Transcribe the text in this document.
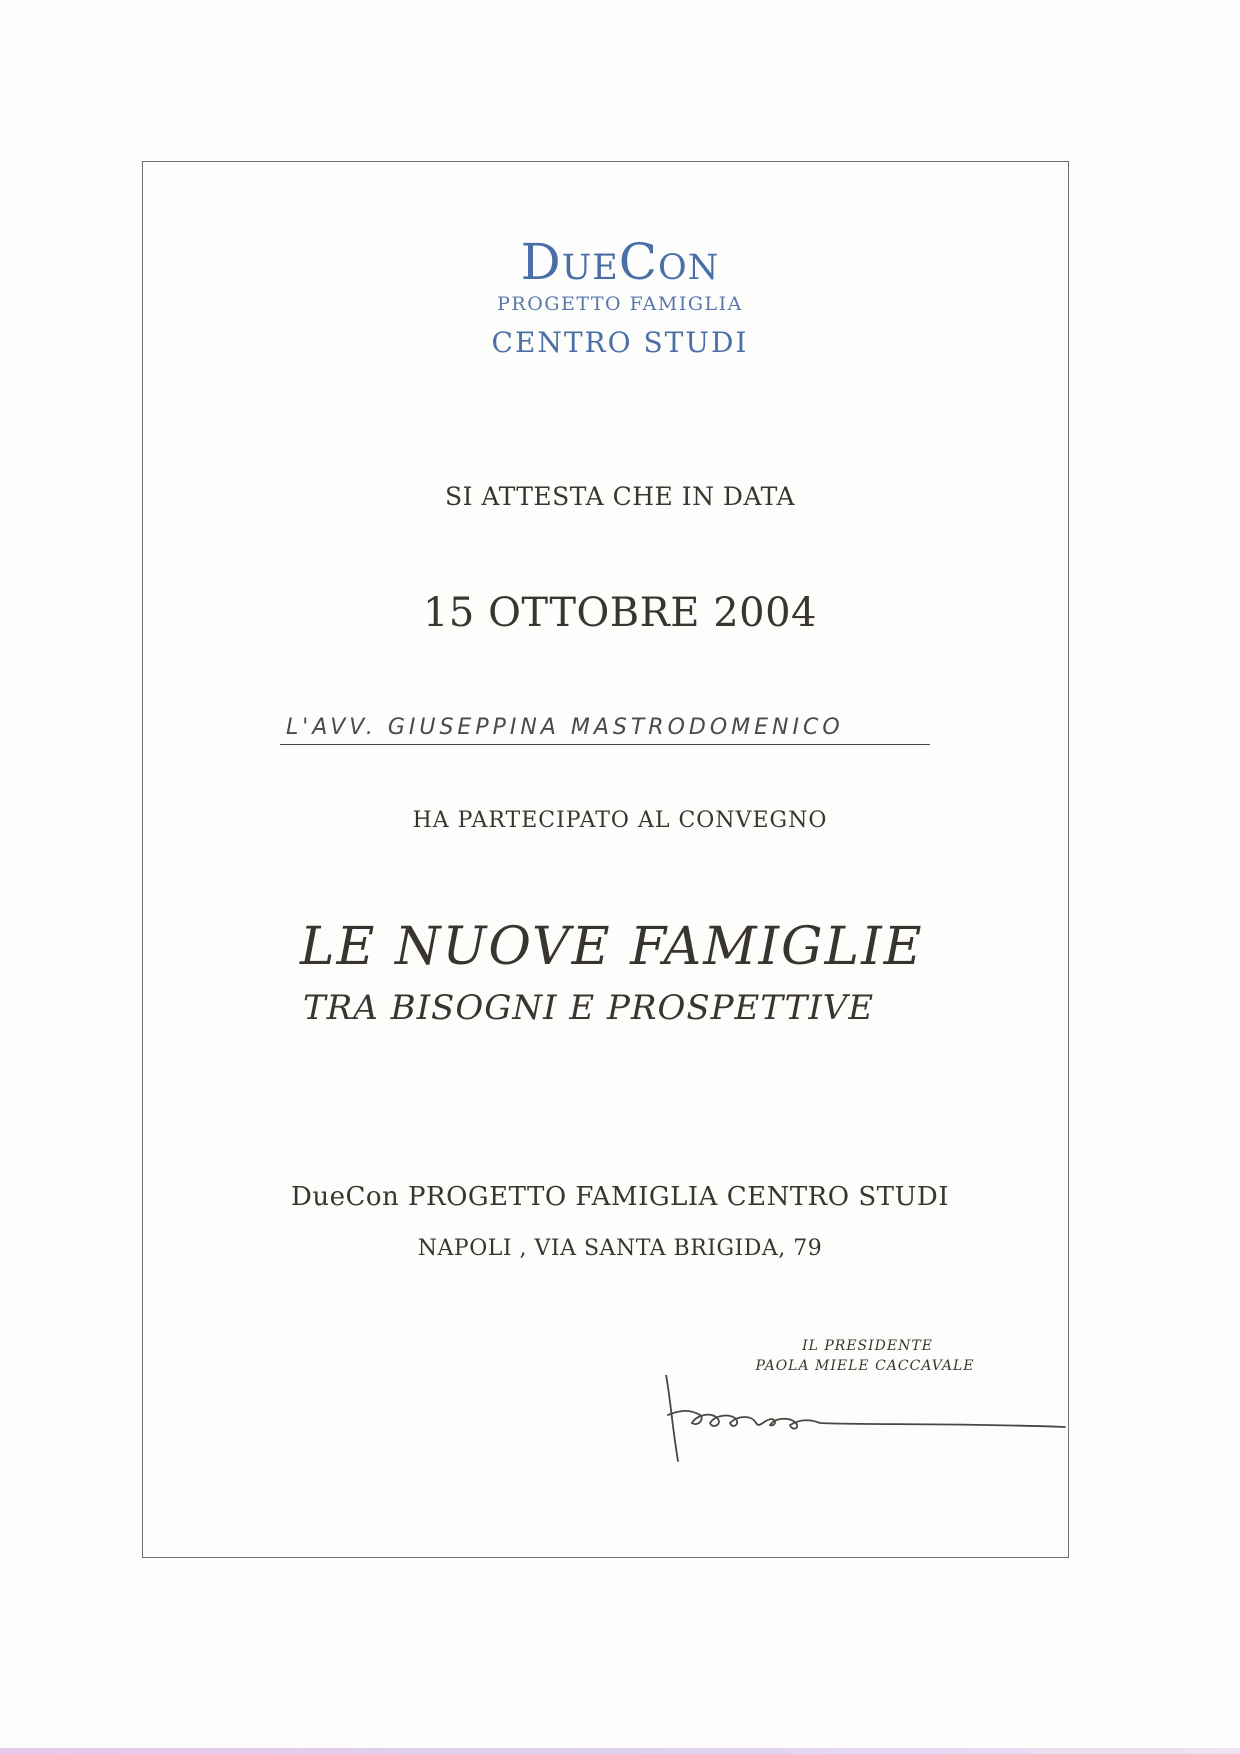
DueCon
PROGETTO FAMIGLIA
CENTRO STUDI
SI ATTESTA CHE IN DATA
15 OTTOBRE 2004
L'AVV. GIUSEPPINA MASTRODOMENICO
HA PARTECIPATO AL CONVEGNO
LE NUOVE FAMIGLIE
TRA BISOGNI E PROSPETTIVE
DueCon PROGETTO FAMIGLIA CENTRO STUDI
NAPOLI , VIA SANTA BRIGIDA, 79
IL PRESIDENTE
PAOLA MIELE CACCAVALE
